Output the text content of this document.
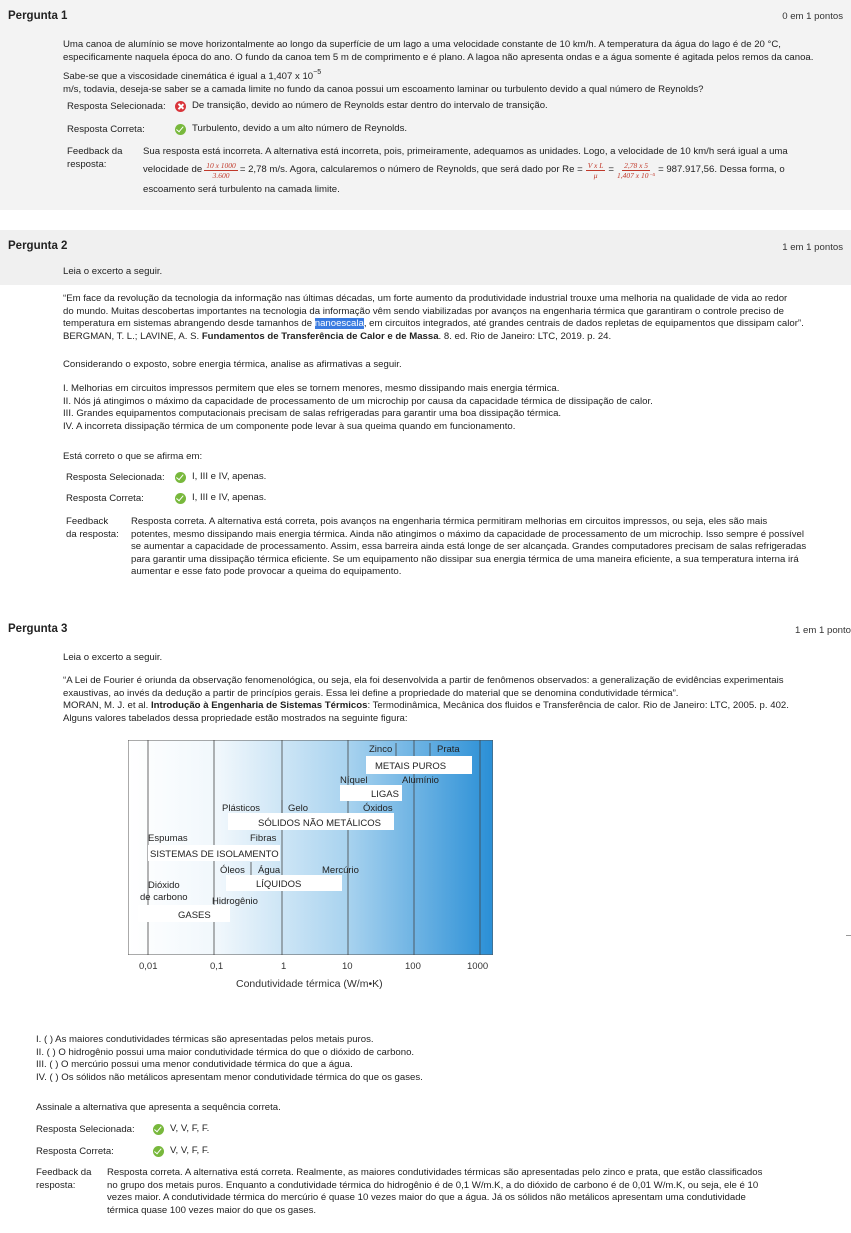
Pergunta 1	0 em 1 pontos
Uma canoa de alumínio se move horizontalmente ao longo da superfície de um lago a uma velocidade constante de 10 km/h. A temperatura da água do lago é de 20 °C,
especificamente naquela época do ano. O fundo da canoa tem 5 m de comprimento e é plano. A lagoa não apresenta ondas e a água somente é agitada pelos remos da canoa.
Sabe-se que a viscosidade cinemática é igual a 1,407 x $10^{-5}$
m/s, todavia, deseja-se saber se a camada limite no fundo da canoa possui um escoamento laminar ou turbulento devido a qual número de Reynolds?
Resposta Selecionada:	De transição, devido ao número de Reynolds estar dentro do intervalo de transição.
Resposta Correta:	Turbulento, devido a um alto número de Reynolds.
Feedback da
resposta:
Sua resposta está incorreta. A alternativa está incorreta, pois, primeiramente, adequamos as unidades. Logo, a velocidade de 10 km/h será igual a uma
velocidade de $\frac{10 x 1000}{3.600} = 2,78$ m/s. Agora, calcularemos o número de Reynolds, que será dado por $Re = \frac{\text{V x L}}{\mu} = \frac{2,78 x 5}{\text{1,407 x 10⁻⁵}} = 987.917,56$. Dessa forma, o
escoamento será turbulento na camada limite.
Pergunta 2	1 em 1 pontos
Leia o excerto a seguir.
“Em face da revolução da tecnologia da informação nas últimas décadas, um forte aumento da produtividade industrial trouxe uma melhoria na qualidade de vida ao redor
do mundo. Muitas descobertas importantes na tecnologia da informação vêm sendo viabilizadas por avanços na engenharia térmica que garantiram o controle preciso de
temperatura em sistemas abrangendo desde tamanhos de nanoescala, em circuitos integrados, até grandes centrais de dados repletas de equipamentos que dissipam calor”.
BERGMAN, T. L.; LAVINE, A. S. Fundamentos de Transferência de Calor e de Massa. 8. ed. Rio de Janeiro: LTC, 2019. p. 24.
Considerando o exposto, sobre energia térmica, analise as afirmativas a seguir.
I. Melhorias em circuitos impressos permitem que eles se tornem menores, mesmo dissipando mais energia térmica.
II. Nós já atingimos o máximo da capacidade de processamento de um microchip por causa da capacidade térmica de dissipação de calor.
III. Grandes equipamentos computacionais precisam de salas refrigeradas para garantir uma boa dissipação térmica.
IV. A incorreta dissipação térmica de um componente pode levar à sua queima quando em funcionamento.
Está correto o que se afirma em:
Resposta Selecionada:	I, III e IV, apenas.
Resposta Correta:	I, III e IV, apenas.
Feedback
da resposta:
Resposta correta. A alternativa está correta, pois avanços na engenharia térmica permitiram melhorias em circuitos impressos, ou seja, eles são mais
potentes, mesmo dissipando mais energia térmica. Ainda não atingimos o máximo da capacidade de processamento de um microchip. Isso sempre é possível
se aumentar a capacidade de processamento. Assim, essa barreira ainda está longe de ser alcançada. Grandes computadores precisam de salas refrigeradas
para garantir uma dissipação térmica eficiente. Se um equipamento não dissipar sua energia térmica de uma maneira eficiente, a sua temperatura interna irá
aumentar e esse fato pode provocar a queima do equipamento.
Pergunta 3	1 em 1 ponto
Leia o excerto a seguir.
“A Lei de Fourier é oriunda da observação fenomenológica, ou seja, ela foi desenvolvida a partir de fenômenos observados: a generalização de evidências experimentais
exaustivas, ao invés da dedução a partir de princípios gerais. Essa lei define a propriedade do material que se denomina condutividade térmica”.
MORAN, M. J. et al. Introdução à Engenharia de Sistemas Térmicos: Termodinâmica, Mecânica dos fluidos e Transferência de calor. Rio de Janeiro: LTC, 2005. p. 402.
Alguns valores tabelados dessa propriedade estão mostrados na seguinte figura:
METAIS PUROS
Zinco	Prata
LIGAS
Níquel	Alumínio
SÓLIDOS NÃO METÁLICOS
Plásticos	Gelo	Óxidos
SISTEMAS DE ISOLAMENTO
Espumas	Fibras
LÍQUIDOS
Óleos Água	Mercúrio
GASES
Dióxido
de carbono	Hidrogênio
0,01	0,1	1	10	100	1000
Condutividade térmica (W/m•K)
I. ( ) As maiores condutividades térmicas são apresentadas pelos metais puros.
II. ( ) O hidrogênio possui uma maior condutividade térmica do que o dióxido de carbono.
III. ( ) O mercúrio possui uma menor condutividade térmica do que a água.
IV. ( ) Os sólidos não metálicos apresentam menor condutividade térmica do que os gases.
Assinale a alternativa que apresenta a sequência correta.
Resposta Selecionada:	V, V, F, F.
Resposta Correta:	V, V, F, F.
Feedback da
resposta:
Resposta correta. A alternativa está correta. Realmente, as maiores condutividades térmicas são apresentadas pelo zinco e prata, que estão classificados
no grupo dos metais puros. Enquanto a condutividade térmica do hidrogênio é de 0,1 W/m.K, a do dióxido de carbono é de 0,01 W/m.K, ou seja, ele é 10
vezes maior. A condutividade térmica do mercúrio é quase 10 vezes maior do que a água. Já os sólidos não metálicos apresentam uma condutividade
térmica quase 100 vezes maior do que os gases.
